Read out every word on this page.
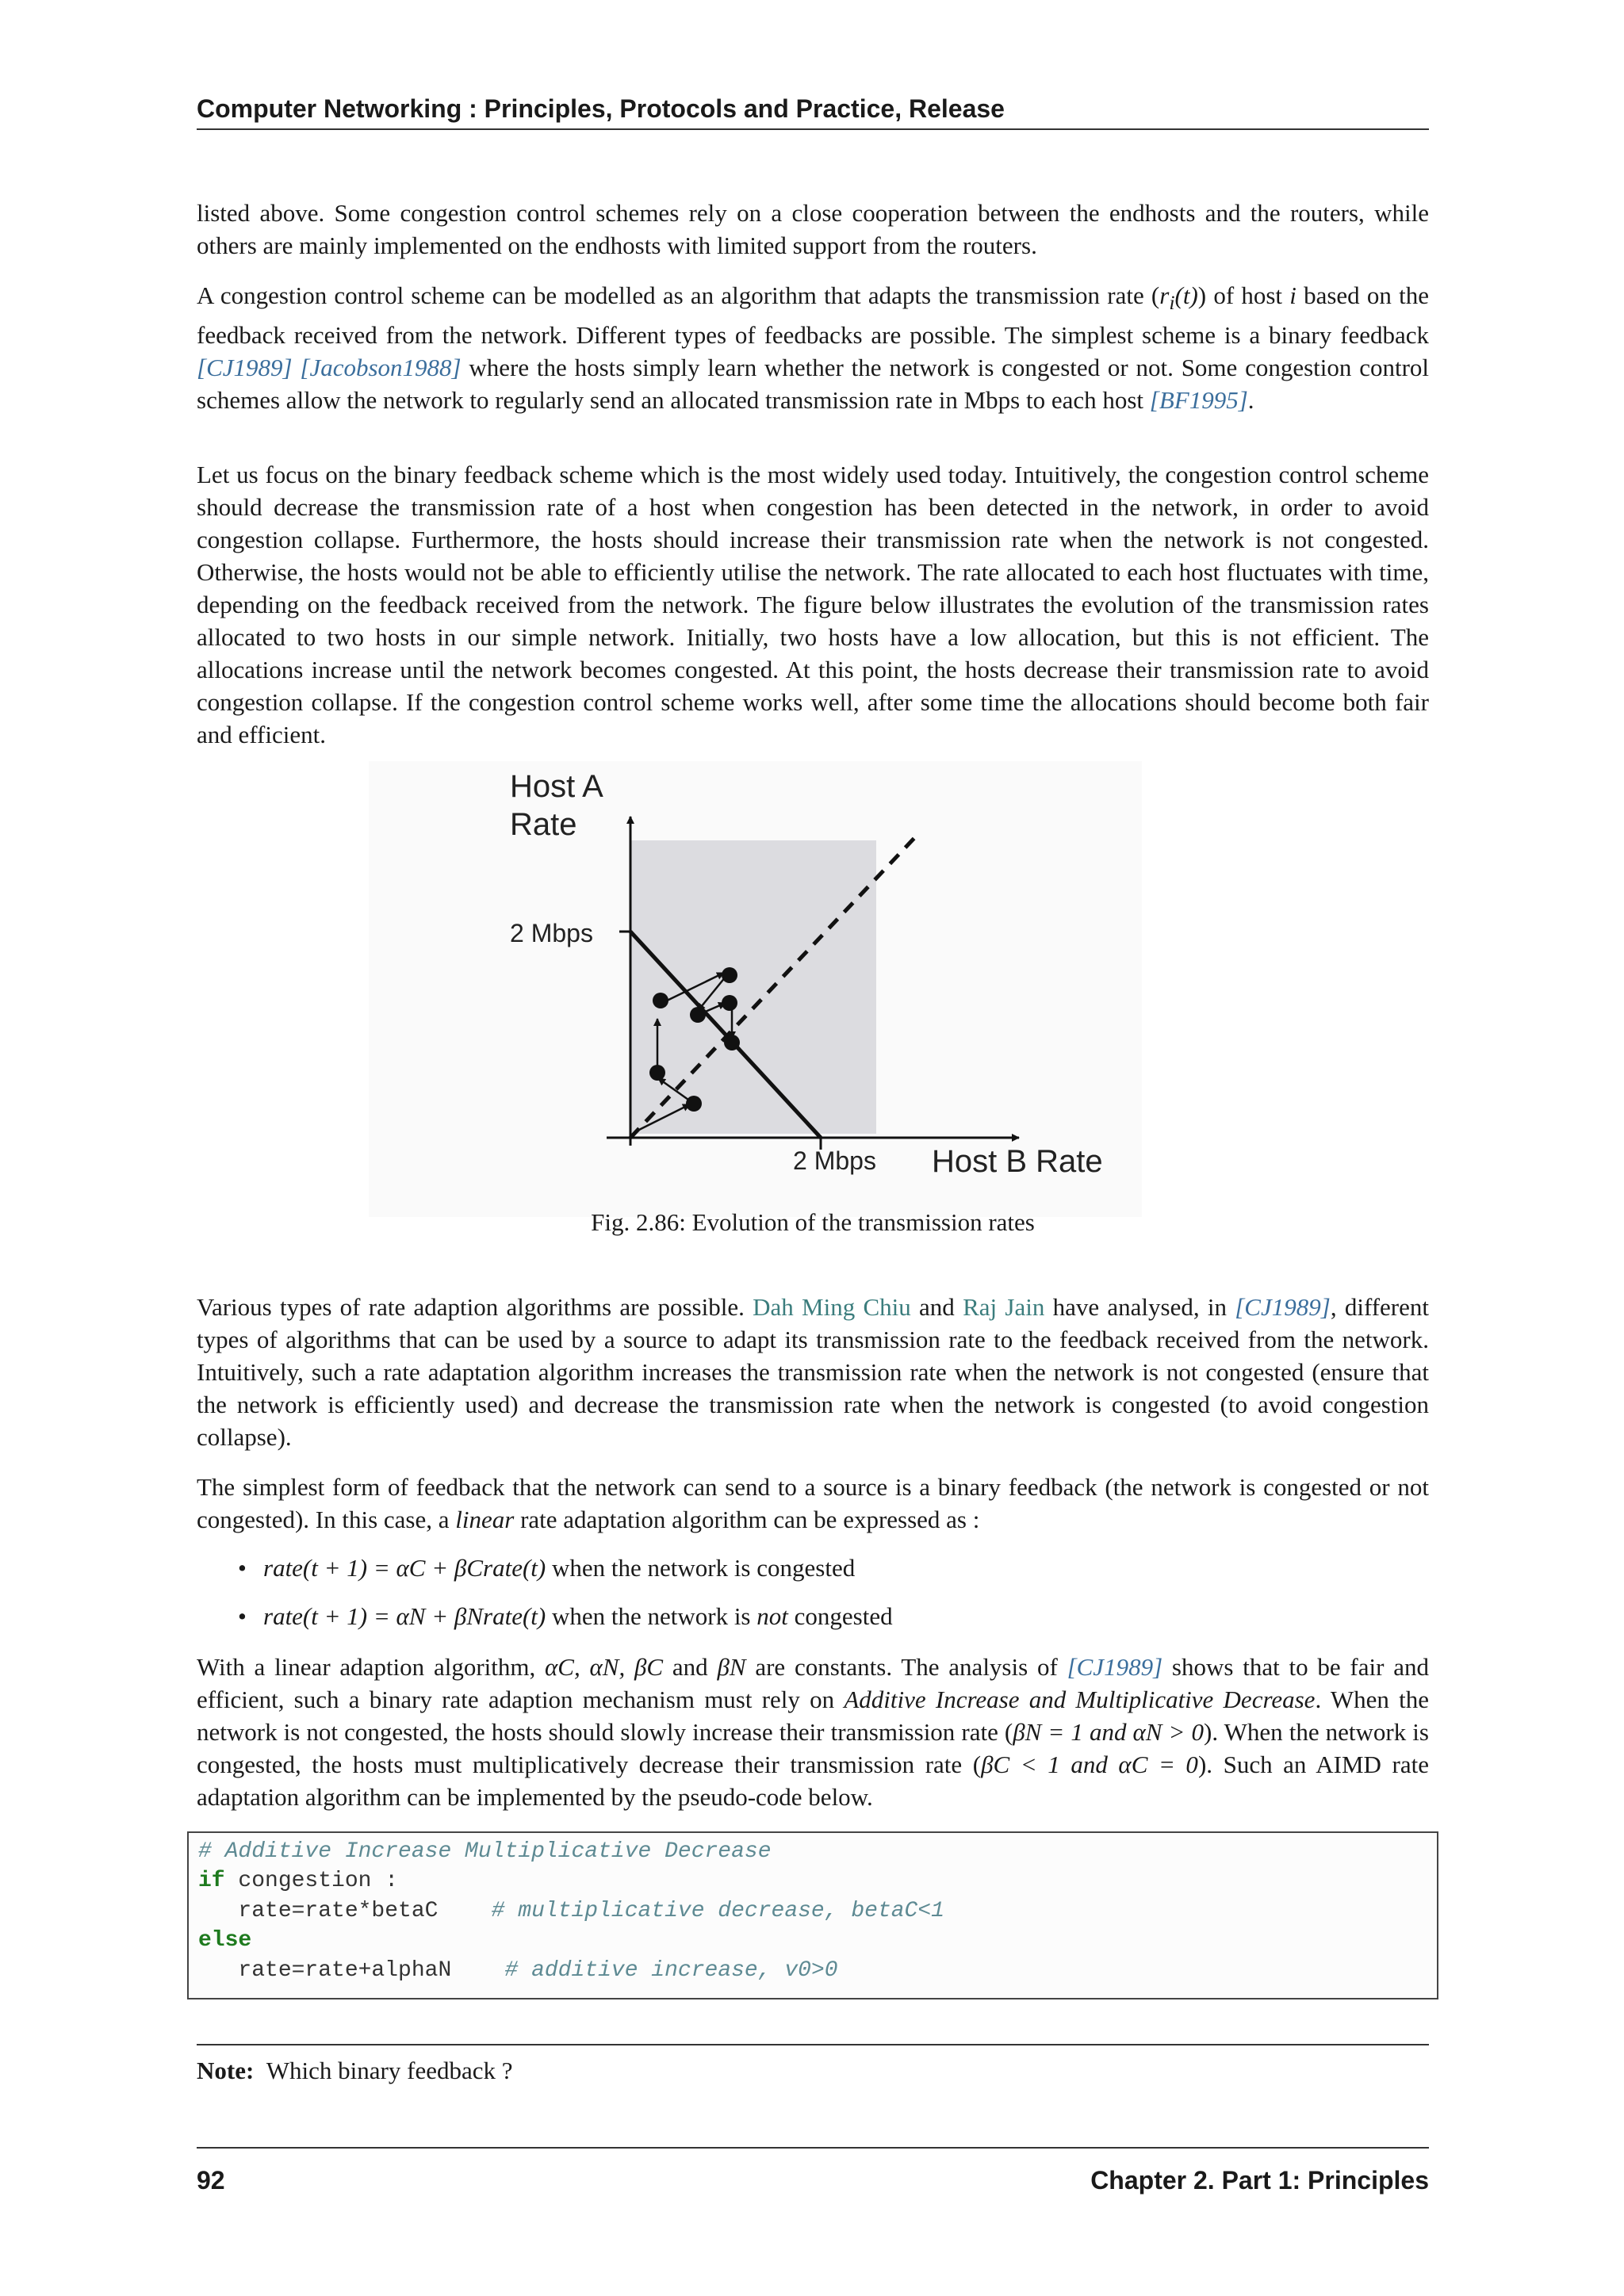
Computer Networking : Principles, Protocols and Practice, Release
listed above. Some congestion control schemes rely on a close cooperation between the endhosts and the routers, while others are mainly implemented on the endhosts with limited support from the routers.
A congestion control scheme can be modelled as an algorithm that adapts the transmission rate $(r_i(t))$ of host i based on the feedback received from the network. Different types of feedbacks are possible. The simplest scheme is a binary feedback [CJ1989] [Jacobson1988] where the hosts simply learn whether the network is congested or not. Some congestion control schemes allow the network to regularly send an allocated transmission rate in Mbps to each host [BF1995].
Let us focus on the binary feedback scheme which is the most widely used today. Intuitively, the congestion control scheme should decrease the transmission rate of a host when congestion has been detected in the network, in order to avoid congestion collapse. Furthermore, the hosts should increase their transmission rate when the network is not congested. Otherwise, the hosts would not be able to efficiently utilise the network. The rate allocated to each host fluctuates with time, depending on the feedback received from the network. The figure below illustrates the evolution of the transmission rates allocated to two hosts in our simple network. Initially, two hosts have a low allocation, but this is not efficient. The allocations increase until the network becomes congested. At this point, the hosts decrease their transmission rate to avoid congestion collapse. If the congestion control scheme works well, after some time the allocations should become both fair and efficient.
Host A
Rate
2 Mbps
2 Mbps Host B Rate
Fig. 2.86: Evolution of the transmission rates
Various types of rate adaption algorithms are possible. Dah Ming Chiu and Raj Jain have analysed, in [CJ1989], different types of algorithms that can be used by a source to adapt its transmission rate to the feedback received from the network. Intuitively, such a rate adaptation algorithm increases the transmission rate when the network is not congested (ensure that the network is efficiently used) and decrease the transmission rate when the network is congested (to avoid congestion collapse).
The simplest form of feedback that the network can send to a source is a binary feedback (the network is congested or not congested). In this case, a linear rate adaptation algorithm can be expressed as :
• rate(t + 1) = αC + βCrate(t) when the network is congested
• rate(t + 1) = αN + βNrate(t) when the network is not congested
With a linear adaption algorithm, αC, αN, βC and βN are constants. The analysis of [CJ1989] shows that to be fair and efficient, such a binary rate adaption mechanism must rely on Additive Increase and Multiplicative Decrease. When the network is not congested, the hosts should slowly increase their transmission rate (βN = 1 and αN > 0). When the network is congested, the hosts must multiplicatively decrease their transmission rate (βC < 1 and αC = 0). Such an AIMD rate adaptation algorithm can be implemented by the pseudo-code below.
# Additive Increase Multiplicative Decrease
if congestion :
rate=rate*betaC    # multiplicative decrease, betaC<1
else
rate=rate+alphaN    # additive increase, v0>0
Note: Which binary feedback ?
92	Chapter 2. Part 1: Principles
